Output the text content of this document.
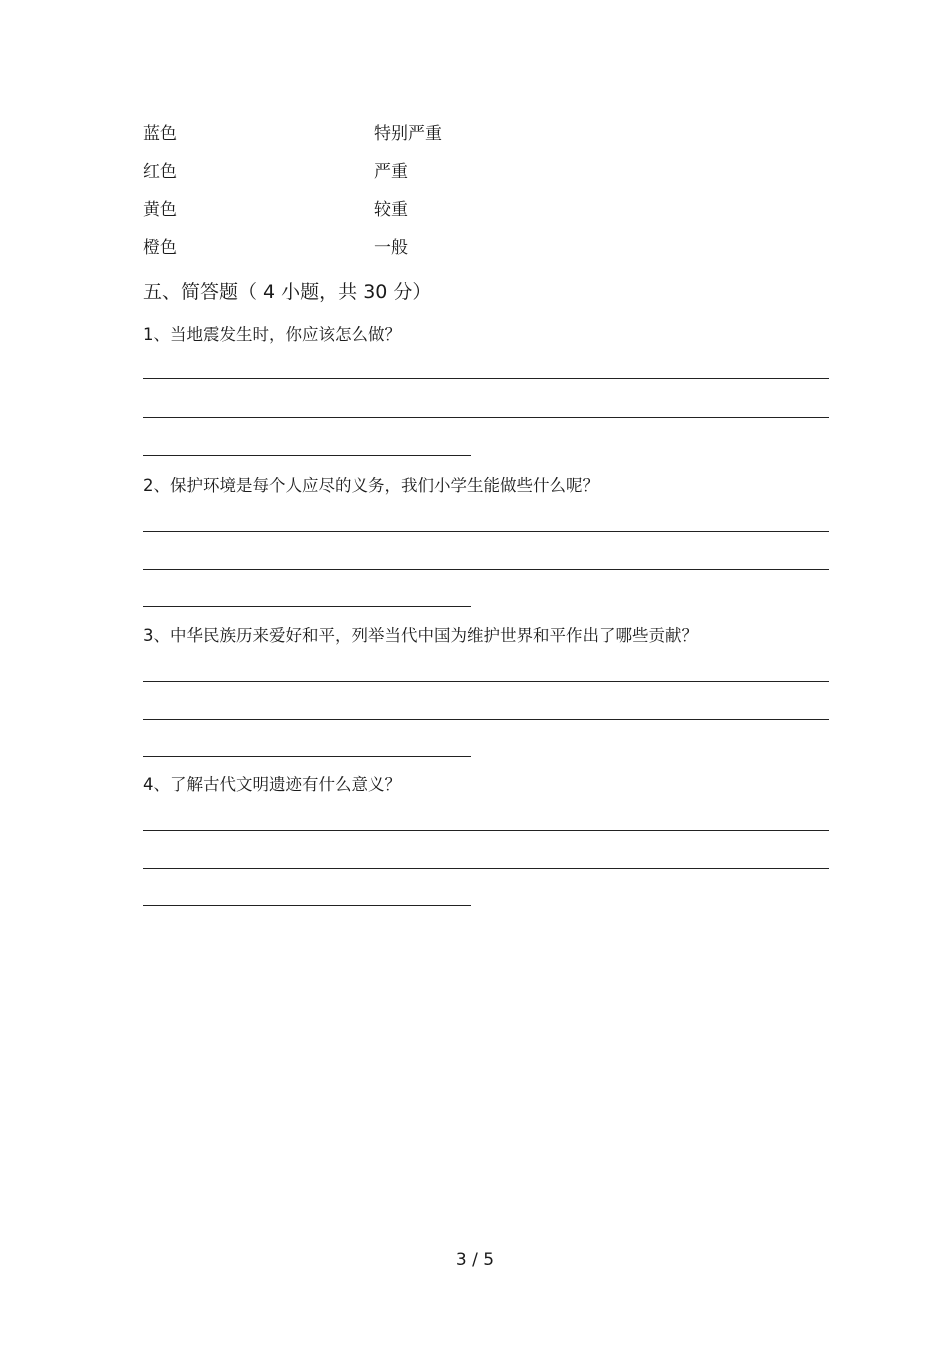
蓝色	特别严重
红色	严重
黄色	较重
橙色	一般
五、简答题（ 4 小题，共 30 分）

1、当地震发生时，你应该怎么做？

2、保护环境是每个人应尽的义务，我们小学生能做些什么呢？

3、中华民族历来爱好和平，列举当代中国为维护世界和平作出了哪些贡献？

4、了解古代文明遗迹有什么意义？

3 / 5
